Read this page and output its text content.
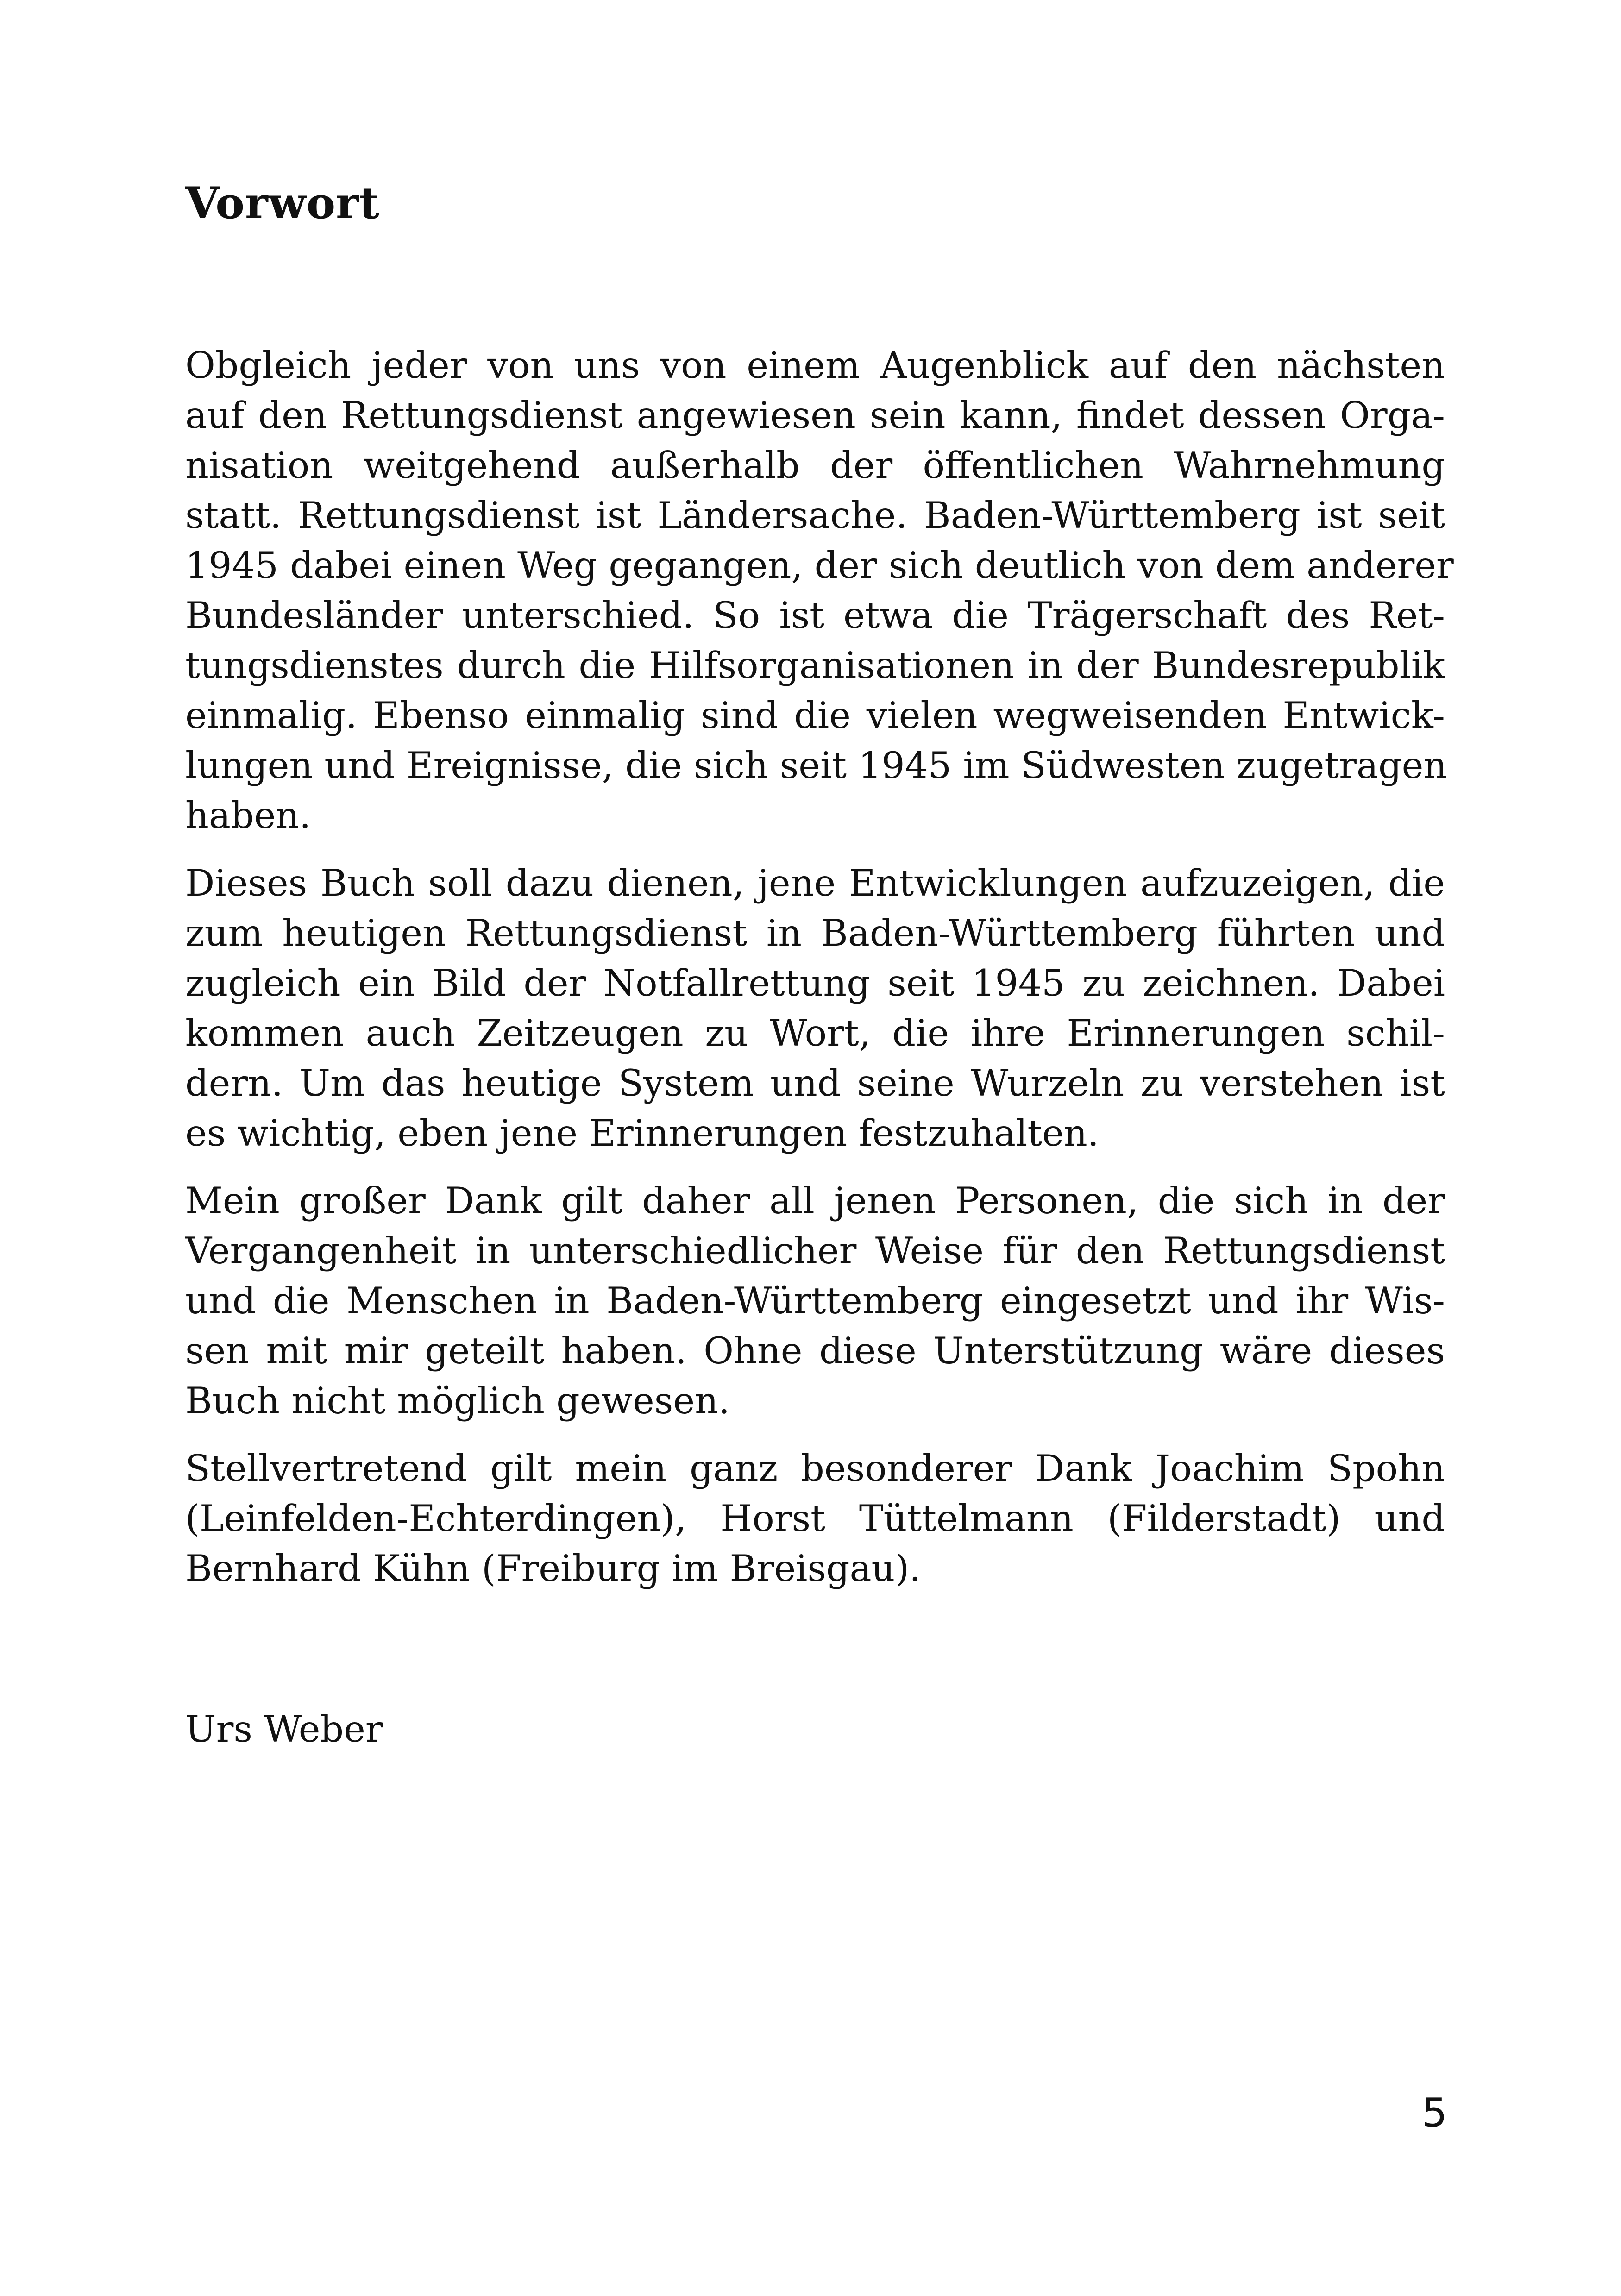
Vorwort

Obgleich jeder von uns von einem Augenblick auf den nächsten
auf den Rettungsdienst angewiesen sein kann, findet dessen Orga-
nisation weitgehend außerhalb der öffentlichen Wahrnehmung
statt. Rettungsdienst ist Ländersache. Baden-Württemberg ist seit
1945 dabei einen Weg gegangen, der sich deutlich von dem anderer
Bundesländer unterschied. So ist etwa die Trägerschaft des Ret-
tungsdienstes durch die Hilfsorganisationen in der Bundesrepublik
einmalig. Ebenso einmalig sind die vielen wegweisenden Entwick-
lungen und Ereignisse, die sich seit 1945 im Südwesten zugetragen
haben.

Dieses Buch soll dazu dienen, jene Entwicklungen aufzuzeigen, die
zum heutigen Rettungsdienst in Baden-Württemberg führten und
zugleich ein Bild der Notfallrettung seit 1945 zu zeichnen. Dabei
kommen auch Zeitzeugen zu Wort, die ihre Erinnerungen schil-
dern. Um das heutige System und seine Wurzeln zu verstehen ist
es wichtig, eben jene Erinnerungen festzuhalten.

Mein großer Dank gilt daher all jenen Personen, die sich in der
Vergangenheit in unterschiedlicher Weise für den Rettungsdienst
und die Menschen in Baden-Württemberg eingesetzt und ihr Wis-
sen mit mir geteilt haben. Ohne diese Unterstützung wäre dieses
Buch nicht möglich gewesen.

Stellvertretend gilt mein ganz besonderer Dank Joachim Spohn
(Leinfelden-Echterdingen), Horst Tüttelmann (Filderstadt) und
Bernhard Kühn (Freiburg im Breisgau).

Urs Weber

5
